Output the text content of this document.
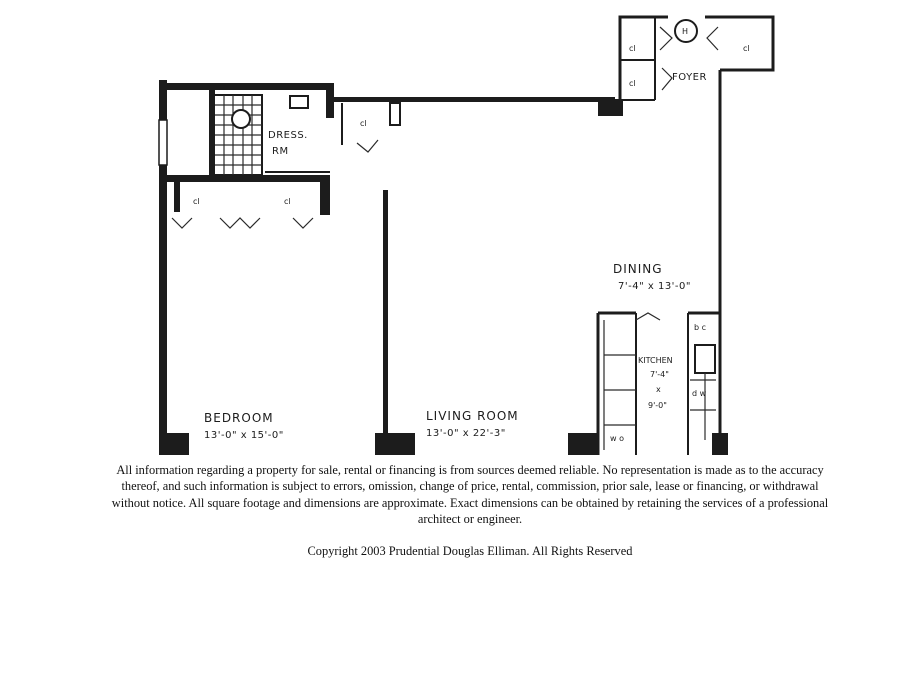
BEDROOM
13'-0" x 15'-0"
LIVING ROOM
13'-0" x 22'-3"
DINING
7'-4" x 13'-0"
KITCHEN
7'-4"
x
9'-0"
DRESS.
RM
FOYER
H
cl
cl
cl
cl
cl	cl
b c
w o
d w

All information regarding a property for sale, rental or financing is from sources deemed reliable. No representation is made as to the accuracy thereof, and such information is subject to errors, omission, change of price, rental, commission, prior sale, lease or financing, or withdrawal without notice. All square footage and dimensions are approximate. Exact dimensions can be obtained by retaining the services of a professional architect or engineer.

Copyright 2003 Prudential Douglas Elliman. All Rights Reserved
